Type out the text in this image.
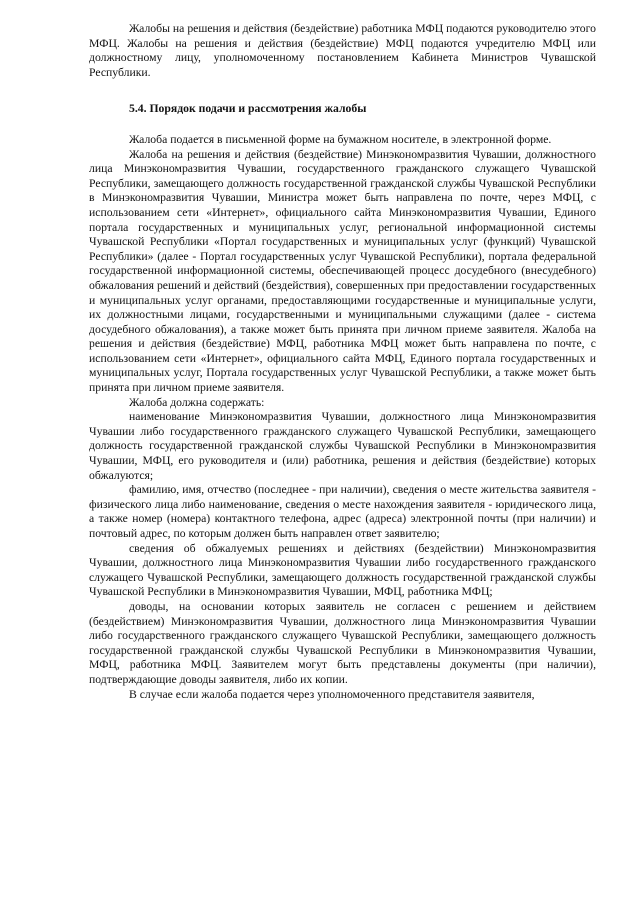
Жалобы на решения и действия (бездействие) работника МФЦ подаются руководителю этого МФЦ. Жалобы на решения и действия (бездействие) МФЦ подаются учредителю МФЦ или должностному лицу, уполномоченному постановлением Кабинета Министров Чувашской Республики.

5.4. Порядок подачи и рассмотрения жалобы

Жалоба подается в письменной форме на бумажном носителе, в электронной форме.

Жалоба на решения и действия (бездействие) Минэкономразвития Чувашии, должностного лица Минэкономразвития Чувашии, государственного гражданского служащего Чувашской Республики, замещающего должность государственной гражданской службы Чувашской Республики в Минэкономразвития Чувашии, Министра может быть направлена по почте, через МФЦ, с использованием сети «Интернет», официального сайта Минэкономразвития Чувашии, Единого портала государственных и муниципальных услуг, региональной информационной системы Чувашской Республики «Портал государственных и муниципальных услуг (функций) Чувашской Республики» (далее - Портал государственных услуг Чувашской Республики), портала федеральной государственной информационной системы, обеспечивающей процесс досудебного (внесудебного) обжалования решений и действий (бездействия), совершенных при предоставлении государственных и муниципальных услуг органами, предоставляющими государственные и муниципальные услуги, их должностными лицами, государственными и муниципальными служащими (далее - система досудебного обжалования), а также может быть принята при личном приеме заявителя. Жалоба на решения и действия (бездействие) МФЦ, работника МФЦ может быть направлена по почте, с использованием сети «Интернет», официального сайта МФЦ, Единого портала государственных и муниципальных услуг, Портала государственных услуг Чувашской Республики, а также может быть принята при личном приеме заявителя.

Жалоба должна содержать:

наименование Минэкономразвития Чувашии, должностного лица Минэкономразвития Чувашии либо государственного гражданского служащего Чувашской Республики, замещающего должность государственной гражданской службы Чувашской Республики в Минэкономразвития Чувашии, МФЦ, его руководителя и (или) работника, решения и действия (бездействие) которых обжалуются;

фамилию, имя, отчество (последнее - при наличии), сведения о месте жительства заявителя - физического лица либо наименование, сведения о месте нахождения заявителя - юридического лица, а также номер (номера) контактного телефона, адрес (адреса) электронной почты (при наличии) и почтовый адрес, по которым должен быть направлен ответ заявителю;

сведения об обжалуемых решениях и действиях (бездействии) Минэкономразвития Чувашии, должностного лица Минэкономразвития Чувашии либо государственного гражданского служащего Чувашской Республики, замещающего должность государственной гражданской службы Чувашской Республики в Минэкономразвития Чувашии, МФЦ, работника МФЦ;

доводы, на основании которых заявитель не согласен с решением и действием (бездействием) Минэкономразвития Чувашии, должностного лица Минэкономразвития Чувашии либо государственного гражданского служащего Чувашской Республики, замещающего должность государственной гражданской службы Чувашской Республики в Минэкономразвития Чувашии, МФЦ, работника МФЦ. Заявителем могут быть представлены документы (при наличии), подтверждающие доводы заявителя, либо их копии.

В случае если жалоба подается через уполномоченного представителя заявителя,
